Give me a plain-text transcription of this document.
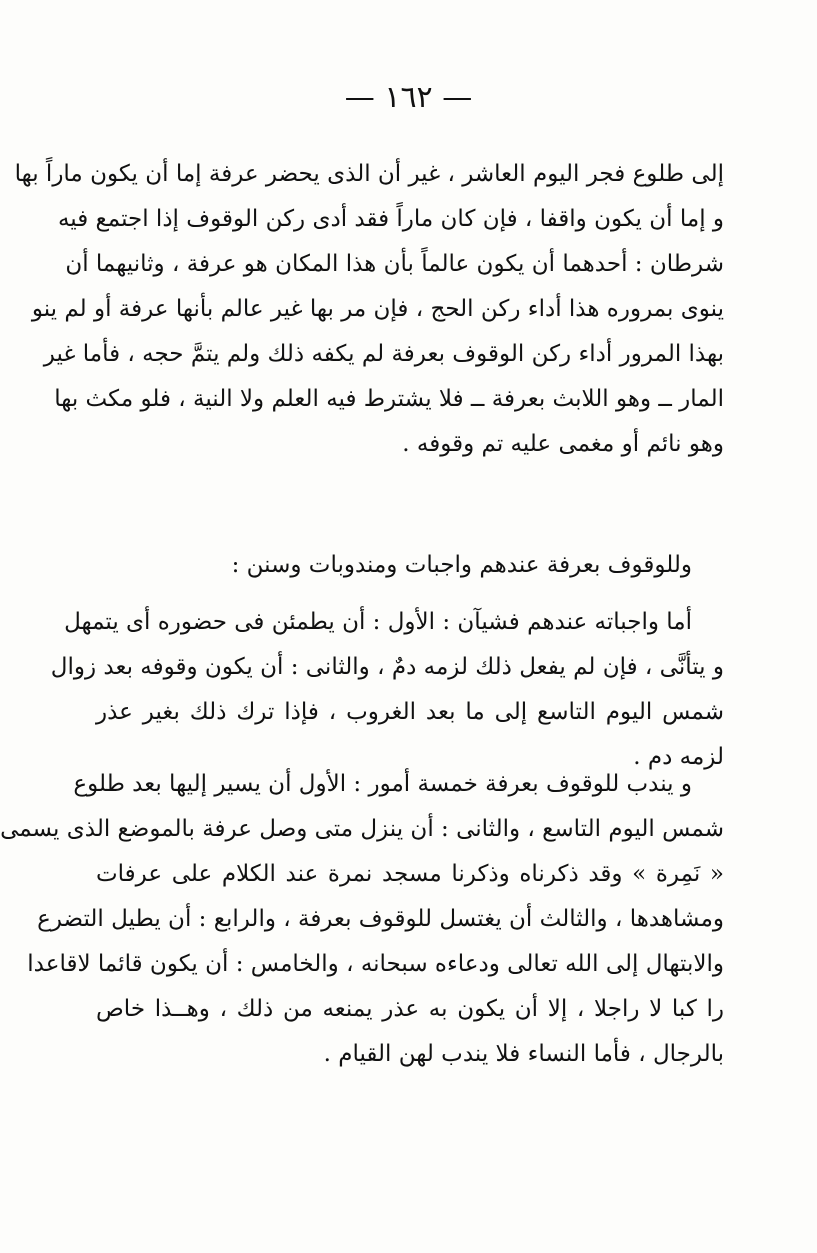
— ١٦٢ —
إلى طلوع فجر اليوم العاشر ، غير أن الذى يحضر عرفة إما أن يكون ماراً بها
و إما أن يكون واقفا ، فإن كان ماراً فقد أدى ركن الوقوف إذا اجتمع فيه
شرطان : أحدهما أن يكون عالماً بأن هذا المكان هو عرفة ، وثانيهما أن
ينوى بمروره هذا أداء ركن الحج ، فإن مر بها غير عالم بأنها عرفة أو لم ينو
بهذا المرور أداء ركن الوقوف بعرفة لم يكفه ذلك ولم يتمَّ حجه ، فأما غير
المار ــ وهو اللابث بعرفة ــ فلا يشترط فيه العلم ولا النية ، فلو مكث بها
وهو نائم أو مغمى عليه تم وقوفه .
وللوقوف بعرفة عندهم واجبات ومندوبات وسنن :
أما واجباته عندهم فشيآن : الأول : أن يطمئن فى حضوره أى يتمهل
و يتأنَّى ، فإن لم يفعل ذلك لزمه دمٌ ، والثانى : أن يكون وقوفه بعد زوال
شمس اليوم التاسع إلى ما بعد الغروب ، فإذا ترك ذلك بغير عذر
لزمه دم .
و يندب للوقوف بعرفة خمسة أمور : الأول أن يسير إليها بعد طلوع
شمس اليوم التاسع ، والثانى : أن ينزل متى وصل عرفة بالموضع الذى يسمى
« نَمِرة » وقد ذكرناه وذكرنا مسجد نمرة عند الكلام على عرفات
ومشاهدها ، والثالث أن يغتسل للوقوف بعرفة ، والرابع : أن يطيل التضرع
والابتهال إلى الله تعالى ودعاءه سبحانه ، والخامس : أن يكون قائما لاقاعدا
را كبا لا راجلا ، إلا أن يكون به عذر يمنعه من ذلك ، وهــذا خاص
بالرجال ، فأما النساء فلا يندب لهن القيام .
